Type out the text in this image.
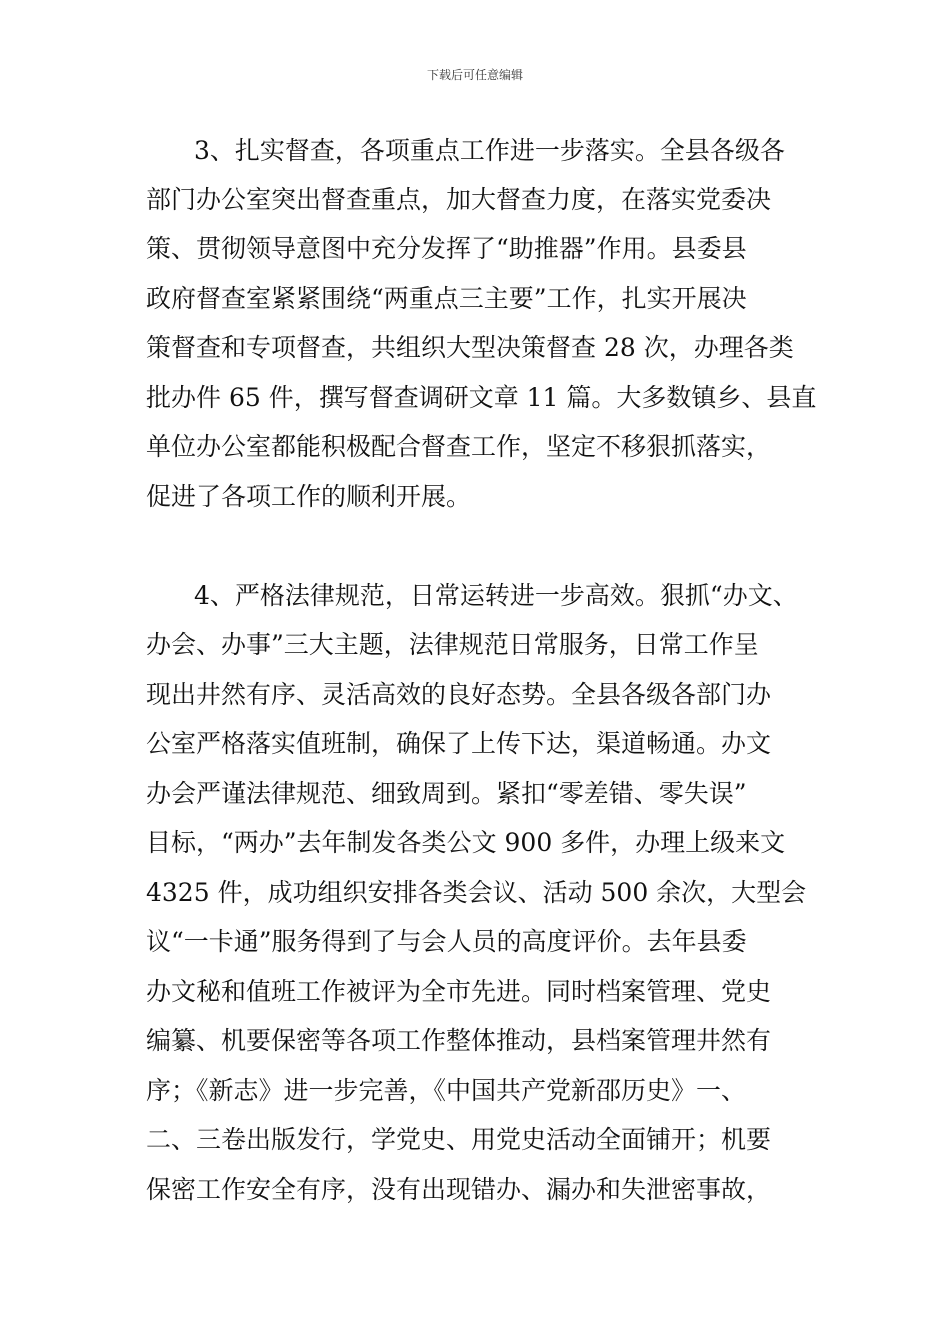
下载后可任意编辑
3、扎实督查，各项重点工作进一步落实。全县各级各
部门办公室突出督查重点，加大督查力度，在落实党委决
策、贯彻领导意图中充分发挥了“助推器”作用。县委县
政府督查室紧紧围绕“两重点三主要”工作，扎实开展决
策督查和专项督查，共组织大型决策督查 28 次，办理各类
批办件 65 件，撰写督查调研文章 11 篇。大多数镇乡、县直
单位办公室都能积极配合督查工作，坚定不移狠抓落实，
促进了各项工作的顺利开展。
4、严格法律规范，日常运转进一步高效。狠抓“办文、
办会、办事”三大主题，法律规范日常服务，日常工作呈
现出井然有序、灵活高效的良好态势。全县各级各部门办
公室严格落实值班制，确保了上传下达，渠道畅通。办文
办会严谨法律规范、细致周到。紧扣“零差错、零失误”
目标，“两办”去年制发各类公文 900 多件，办理上级来文
4325 件，成功组织安排各类会议、活动 500 余次，大型会
议“一卡通”服务得到了与会人员的高度评价。去年县委
办文秘和值班工作被评为全市先进。同时档案管理、党史
编纂、机要保密等各项工作整体推动，县档案管理井然有
序；《新志》进一步完善，《中国共产党新邵历史》一、
二、三卷出版发行，学党史、用党史活动全面铺开；机要
保密工作安全有序，没有出现错办、漏办和失泄密事故，
